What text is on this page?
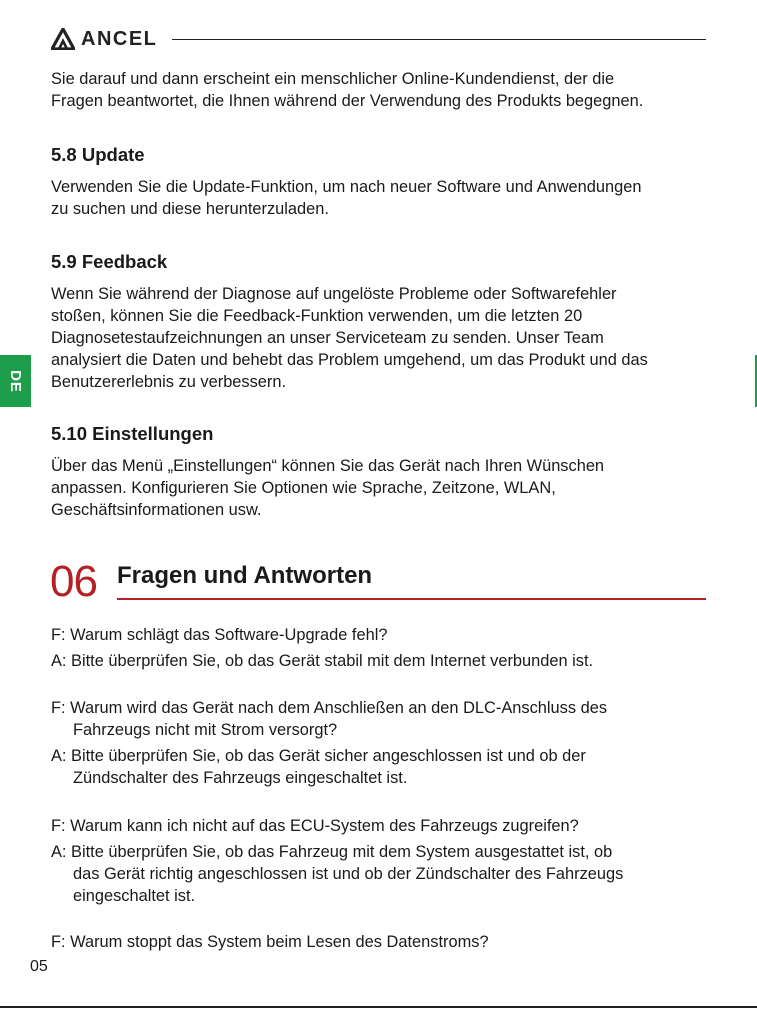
ANCEL
DE
Sie darauf und dann erscheint ein menschlicher Online-Kundendienst, der die
Fragen beantwortet, die Ihnen während der Verwendung des Produkts begegnen.
5.8 Update
Verwenden Sie die Update-Funktion, um nach neuer Software und Anwendungen
zu suchen und diese herunterzuladen.
5.9 Feedback
Wenn Sie während der Diagnose auf ungelöste Probleme oder Softwarefehler
stoßen, können Sie die Feedback-Funktion verwenden, um die letzten 20
Diagnosetestaufzeichnungen an unser Serviceteam zu senden. Unser Team
analysiert die Daten und behebt das Problem umgehend, um das Produkt und das
Benutzererlebnis zu verbessern.
5.10 Einstellungen
Über das Menü „Einstellungen“ können Sie das Gerät nach Ihren Wünschen
anpassen. Konfigurieren Sie Optionen wie Sprache, Zeitzone, WLAN,
Geschäftsinformationen usw.
06 Fragen und Antworten
F: Warum schlägt das Software-Upgrade fehl?
A: Bitte überprüfen Sie, ob das Gerät stabil mit dem Internet verbunden ist.
F: Warum wird das Gerät nach dem Anschließen an den DLC-Anschluss des
Fahrzeugs nicht mit Strom versorgt?
A: Bitte überprüfen Sie, ob das Gerät sicher angeschlossen ist und ob der
Zündschalter des Fahrzeugs eingeschaltet ist.
F: Warum kann ich nicht auf das ECU-System des Fahrzeugs zugreifen?
A: Bitte überprüfen Sie, ob das Fahrzeug mit dem System ausgestattet ist, ob
das Gerät richtig angeschlossen ist und ob der Zündschalter des Fahrzeugs
eingeschaltet ist.
F: Warum stoppt das System beim Lesen des Datenstroms?
05
